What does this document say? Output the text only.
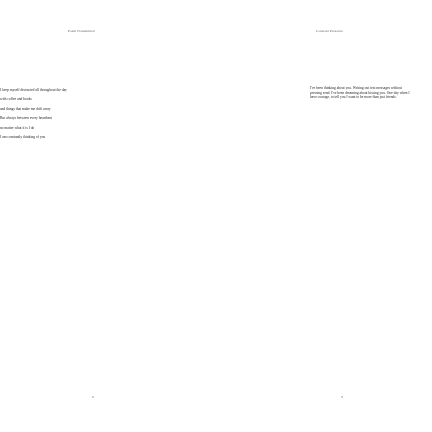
Poem Transmitted
I keep myself distracted all throughout the day
with coffee and books
and things that make me drift away
But always between every heartbeat
no matter what it is I do
I am constantly thinking of you
2
Constant Presence

I've been thinking about you. Writing out text messages without pressing send. I've been dreaming about kissing you. One day when I have courage, to tell you I want to be more than just friends.

3
